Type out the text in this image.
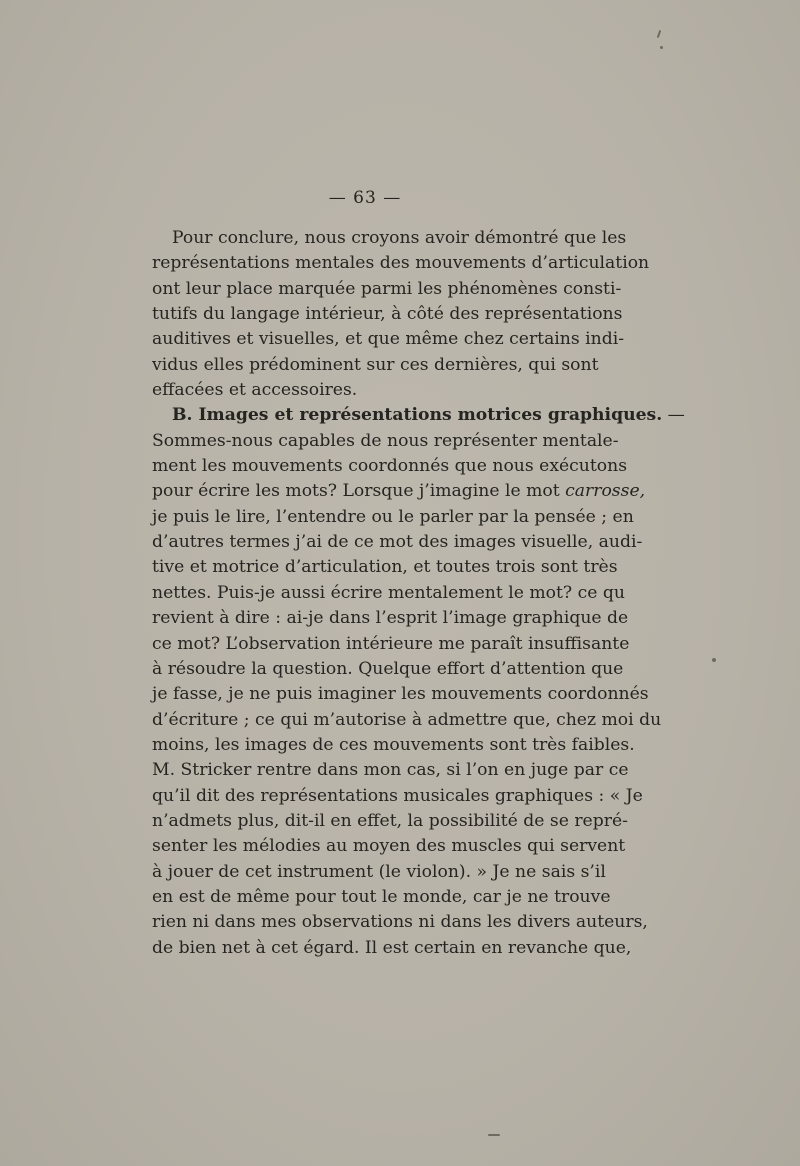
— 63 —
Pour conclure, nous croyons avoir démontré que les
représentations mentales des mouvements d’articulation
ont leur place marquée parmi les phénomènes consti-
tutifs du langage intérieur, à côté des représentations
auditives et visuelles, et que même chez certains indi-
vidus elles prédominent sur ces dernières, qui sont
effacées et accessoires.
B. Images et représentations motrices graphiques. —
Sommes-nous capables de nous représenter mentale-
ment les mouvements coordonnés que nous exécutons
pour écrire les mots? Lorsque j’imagine le mot carrosse,
je puis le lire, l’entendre ou le parler par la pensée ; en
d’autres termes j’ai de ce mot des images visuelle, audi-
tive et motrice d’articulation, et toutes trois sont très
nettes. Puis-je aussi écrire mentalement le mot? ce qu
revient à dire : ai-je dans l’esprit l’image graphique de
ce mot? L’observation intérieure me paraît insuffisante
à résoudre la question. Quelque effort d’attention que
je fasse, je ne puis imaginer les mouvements coordonnés
d’écriture ; ce qui m’autorise à admettre que, chez moi du
moins, les images de ces mouvements sont très faibles.
M. Stricker rentre dans mon cas, si l’on en juge par ce
qu’il dit des représentations musicales graphiques : « Je
n’admets plus, dit-il en effet, la possibilité de se repré-
senter les mélodies au moyen des muscles qui servent
à jouer de cet instrument (le violon). » Je ne sais s’il
en est de même pour tout le monde, car je ne trouve
rien ni dans mes observations ni dans les divers auteurs,
de bien net à cet égard. Il est certain en revanche que,
